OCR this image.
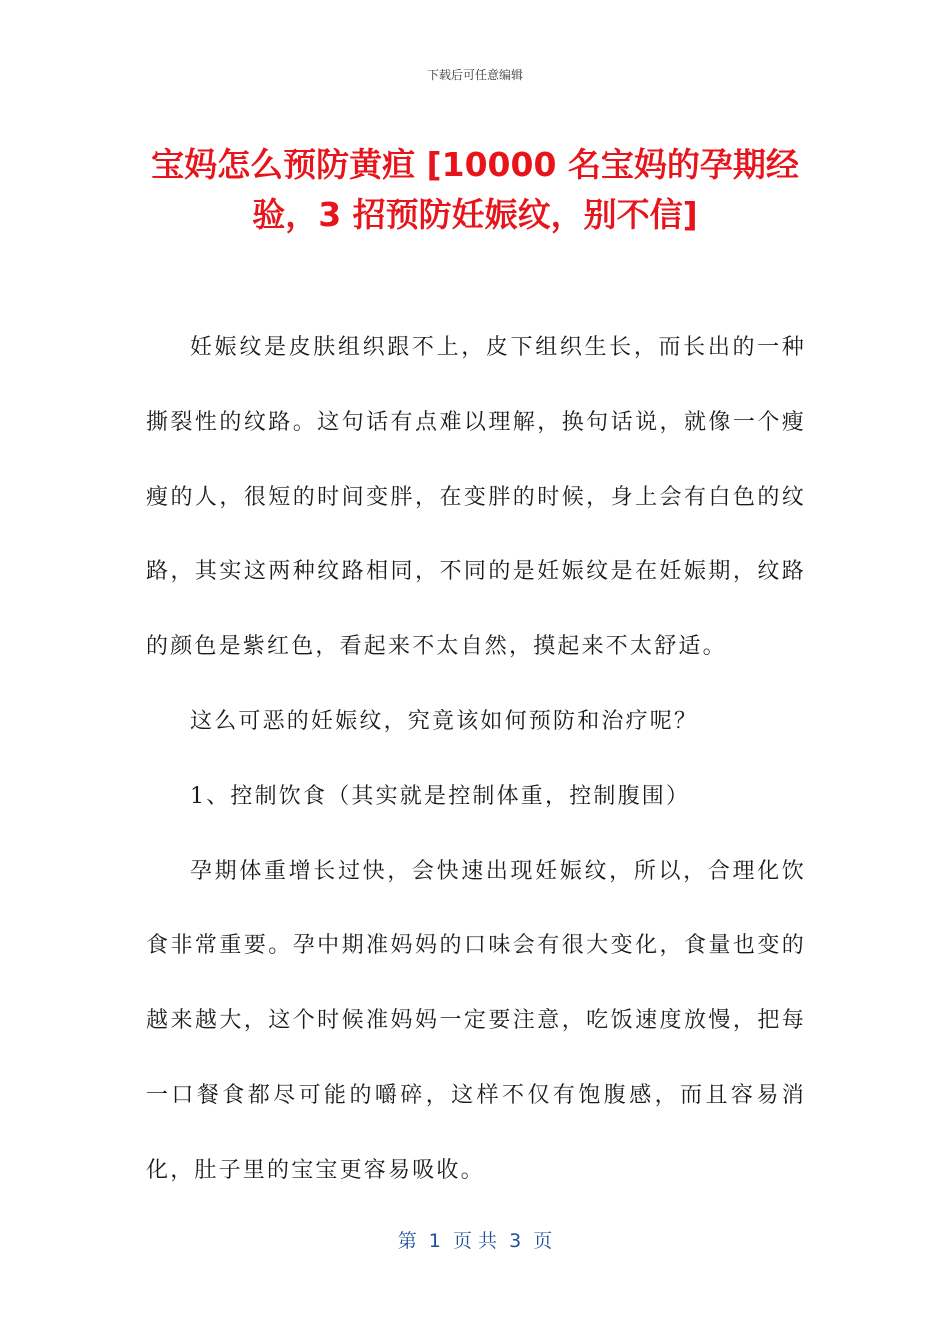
下载后可任意编辑
宝妈怎么预防黄疸 [10000 名宝妈的孕期经验，3 招预防妊娠纹，别不信]

妊娠纹是皮肤组织跟不上，皮下组织生长，而长出的一种撕裂性的纹路。这句话有点难以理解，换句话说，就像一个瘦瘦的人，很短的时间变胖，在变胖的时候，身上会有白色的纹路，其实这两种纹路相同，不同的是妊娠纹是在妊娠期，纹路的颜色是紫红色，看起来不太自然，摸起来不太舒适。

这么可恶的妊娠纹，究竟该如何预防和治疗呢？

1、控制饮食（其实就是控制体重，控制腹围）

孕期体重增长过快，会快速出现妊娠纹，所以，合理化饮食非常重要。孕中期准妈妈的口味会有很大变化，食量也变的越来越大，这个时候准妈妈一定要注意，吃饭速度放慢，把每一口餐食都尽可能的嚼碎，这样不仅有饱腹感，而且容易消化，肚子里的宝宝更容易吸收。

第  1  页 共  3  页
